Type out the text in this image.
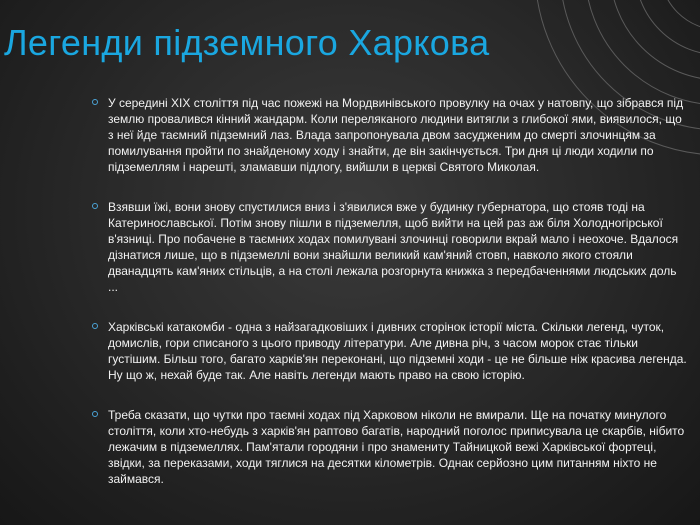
Легенди підземного Харкова
У середині XIX століття під час пожежі на Мордвинівського провулку на очах у натовпу, що зібрався під землю провалився кінний жандарм. Коли переляканого людини витягли з глибокої ями, виявилося, що з неї йде таємний підземний лаз. Влада запропонувала двом засудженим до смерті злочинцям за помилування пройти по знайденому ходу і знайти, де він закінчується. Три дня ці люди ходили по підземеллям і нарешті, зламавши підлогу, вийшли в церкві Святого Миколая.
Взявши їжі, вони знову спустилися вниз і з'явилися вже у будинку губернатора, що стояв тоді на Катеринославської. Потім знову пішли в підземелля, щоб вийти на цей раз аж біля Холодногірської в'язниці. Про побачене в таємних ходах помилувані злочинці говорили вкрай мало і неохоче. Вдалося дізнатися лише, що в підземеллі вони знайшли великий кам'яний стовп, навколо якого стояли дванадцять кам'яних стільців, а на столі лежала розгорнута книжка з передбаченнями людських доль ...
Харківські катакомби - одна з найзагадковіших і дивних сторінок історії міста. Скільки легенд, чуток, домислів, гори списаного з цього приводу літератури. Але дивна річ, з часом морок стає тільки густішим. Більш того, багато харків'ян переконані, що підземні ходи - це не більше ніж красива легенда. Ну що ж, нехай буде так. Але навіть легенди мають право на свою історію.
Треба сказати, що чутки про таємні ходах під Харковом ніколи не вмирали. Ще на початку минулого століття, коли хто-небудь з харків'ян раптово багатів, народний поголос приписувала це скарбів, нібито лежачим в підземеллях. Пам'ятали городяни і про знамениту Тайницкой вежі Харківської фортеці, звідки, за переказами, ходи тяглися на десятки кілометрів. Однак серйозно цим питанням ніхто не займався.
